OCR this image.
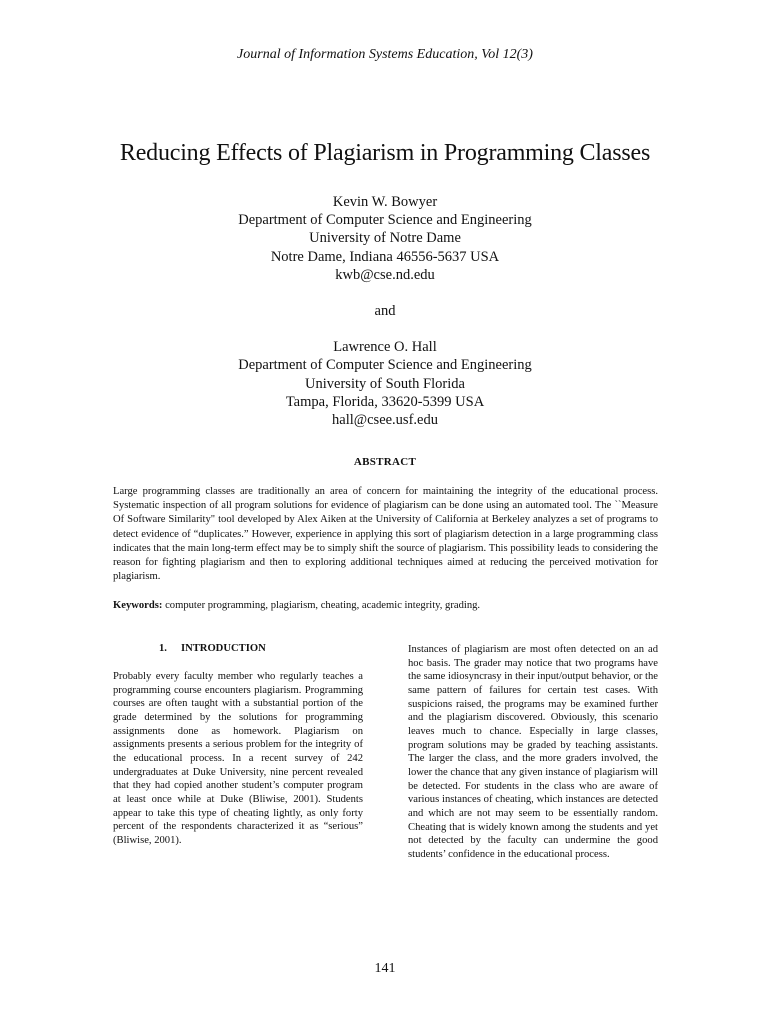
Journal of Information Systems Education, Vol 12(3)
Reducing Effects of Plagiarism in Programming Classes
Kevin W. Bowyer
Department of Computer Science and Engineering
University of Notre Dame
Notre Dame, Indiana 46556-5637 USA
kwb@cse.nd.edu
and
Lawrence O. Hall
Department of Computer Science and Engineering
University of South Florida
Tampa, Florida, 33620-5399 USA
hall@csee.usf.edu
ABSTRACT

Large programming classes are traditionally an area of concern for maintaining the integrity of the educational process. Systematic inspection of all program solutions for evidence of plagiarism can be done using an automated tool. The ``Measure Of Software Similarity" tool developed by Alex Aiken at the University of California at Berkeley analyzes a set of programs to detect evidence of “duplicates.” However, experience in applying this sort of plagiarism detection in a large programming class indicates that the main long-term effect may be to simply shift the source of plagiarism. This possibility leads to considering the reason for fighting plagiarism and then to exploring additional techniques aimed at reducing the perceived motivation for plagiarism.

Keywords: computer programming, plagiarism, cheating, academic integrity, grading.

1. INTRODUCTION

Probably every faculty member who regularly teaches a programming course encounters plagiarism. Programming courses are often taught with a substantial portion of the grade determined by the solutions for programming assignments done as homework. Plagiarism on assignments presents a serious problem for the integrity of the educational process. In a recent survey of 242 undergraduates at Duke University, nine percent revealed that they had copied another student’s computer program at least once while at Duke (Bliwise, 2001). Students appear to take this type of cheating lightly, as only forty percent of the respondents characterized it as “serious” (Bliwise, 2001).

Instances of plagiarism are most often detected on an ad hoc basis. The grader may notice that two programs have the same idiosyncrasy in their input/output behavior, or the same pattern of failures for certain test cases. With suspicions raised, the programs may be examined further and the plagiarism discovered. Obviously, this scenario leaves much to chance. Especially in large classes, program solutions may be graded by teaching assistants. The larger the class, and the more graders involved, the lower the chance that any given instance of plagiarism will be detected. For students in the class who are aware of various instances of cheating, which instances are detected and which are not may seem to be essentially random. Cheating that is widely known among the students and yet not detected by the faculty can undermine the good students’ confidence in the educational process.

141
